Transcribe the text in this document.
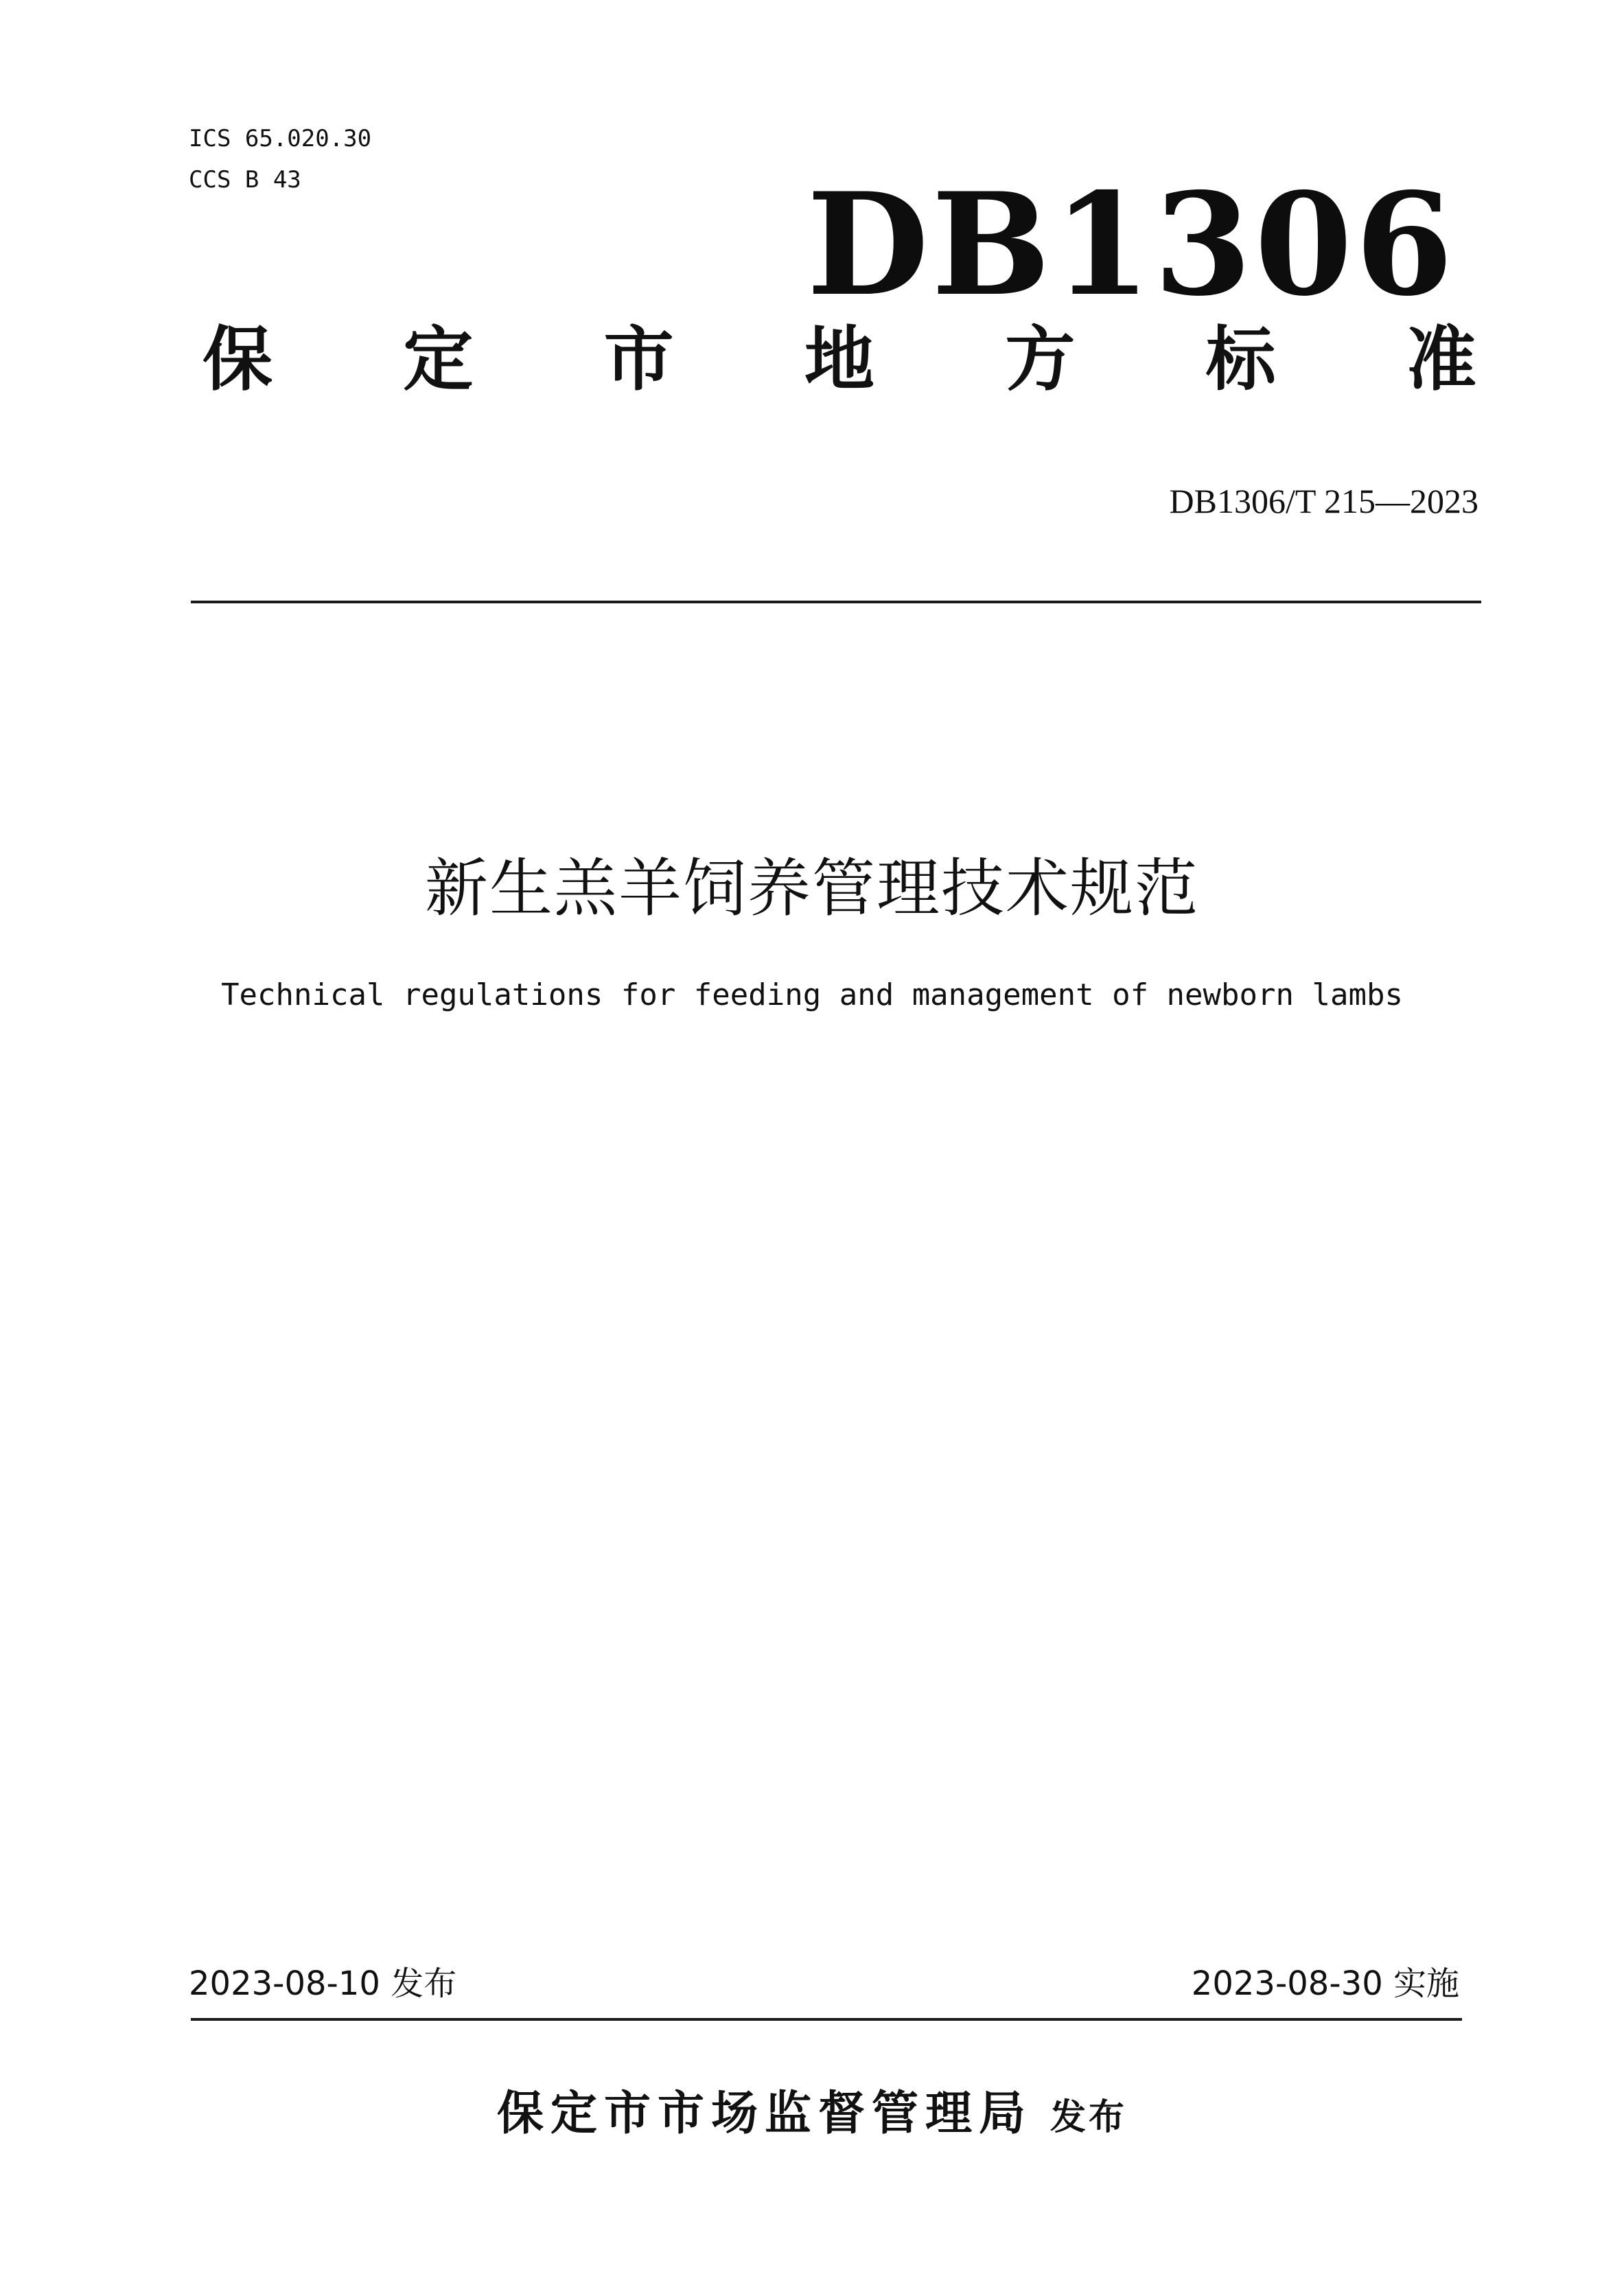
ICS 65.020.30
CCS B 43	DB1306
保 定 市 地 方 标 准
DB1306/T 215—2023
新生羔羊饲养管理技术规范
Technical regulations for feeding and management of newborn lambs
2023-08-10 发布	2023-08-30 实施
保定市市场监督管理局 发布
